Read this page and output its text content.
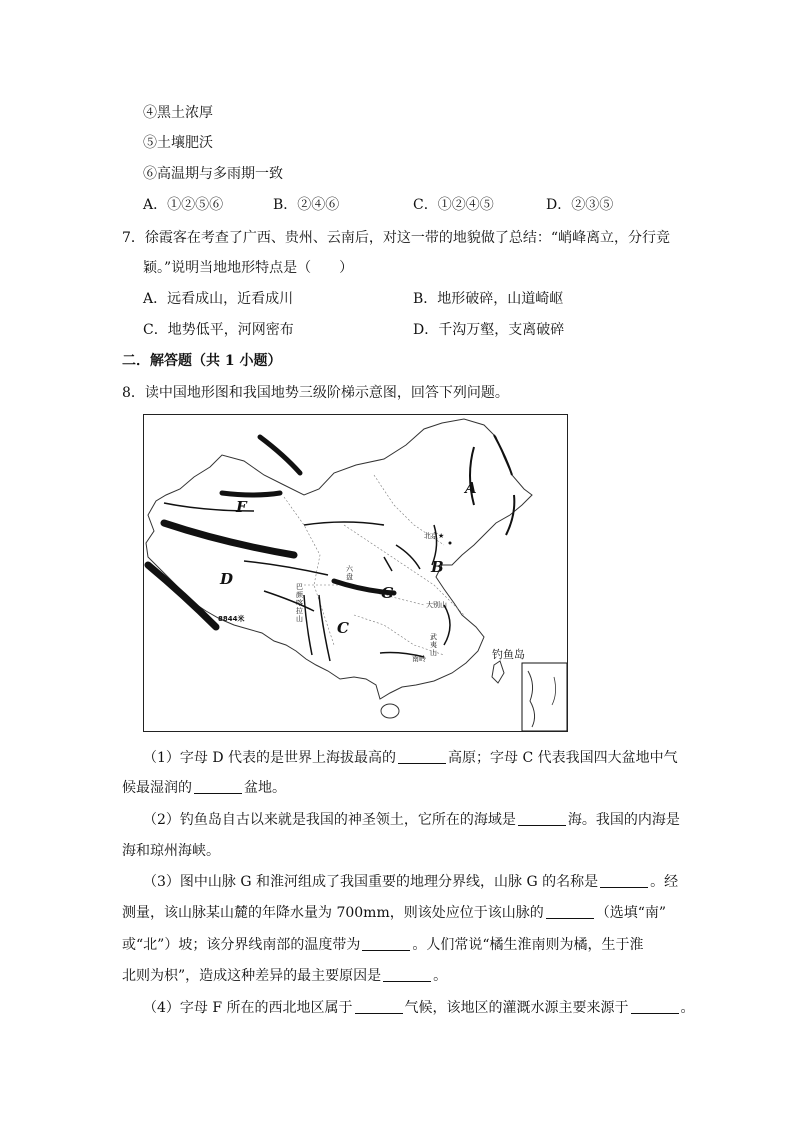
④黑土浓厚
⑤土壤肥沃
⑥高温期与多雨期一致
A．①②⑤⑥	B．②④⑥	C．①②④⑤	D．②③⑤
7．徐霞客在考查了广西、贵州、云南后，对这一带的地貌做了总结：“峭峰离立，分行竞
颖。”说明当地地形特点是（　　）
A．远看成山，近看成川	B．地形破碎，山道崎岖
C．地势低平，河网密布	D．千沟万壑，支离破碎
二．解答题（共 1 小题）
8．读中国地形图和我国地势三级阶梯示意图，回答下列问题。
A
B
C
D
F
G
北京★
六盘
大别山
巴颜喀拉山
武夷山
南岭
8844米
钓鱼岛
（1）字母 D 代表的是世界上海拔最高的	高原；字母 C 代表我国四大盆地中气
候最湿润的	盆地。
（2）钓鱼岛自古以来就是我国的神圣领土，它所在的海域是	海。我国的内海是
海和琼州海峡。
（3）图中山脉 G 和淮河组成了我国重要的地理分界线，山脉 G 的名称是	。经
测量，该山脉某山麓的年降水量为 700mm，则该处应位于该山脉的	（选填“南”
或“北”）坡；该分界线南部的温度带为	。人们常说“橘生淮南则为橘，生于淮
北则为枳”，造成这种差异的最主要原因是	。
（4）字母 F 所在的西北地区属于	气候，该地区的灌溉水源主要来源于	。
